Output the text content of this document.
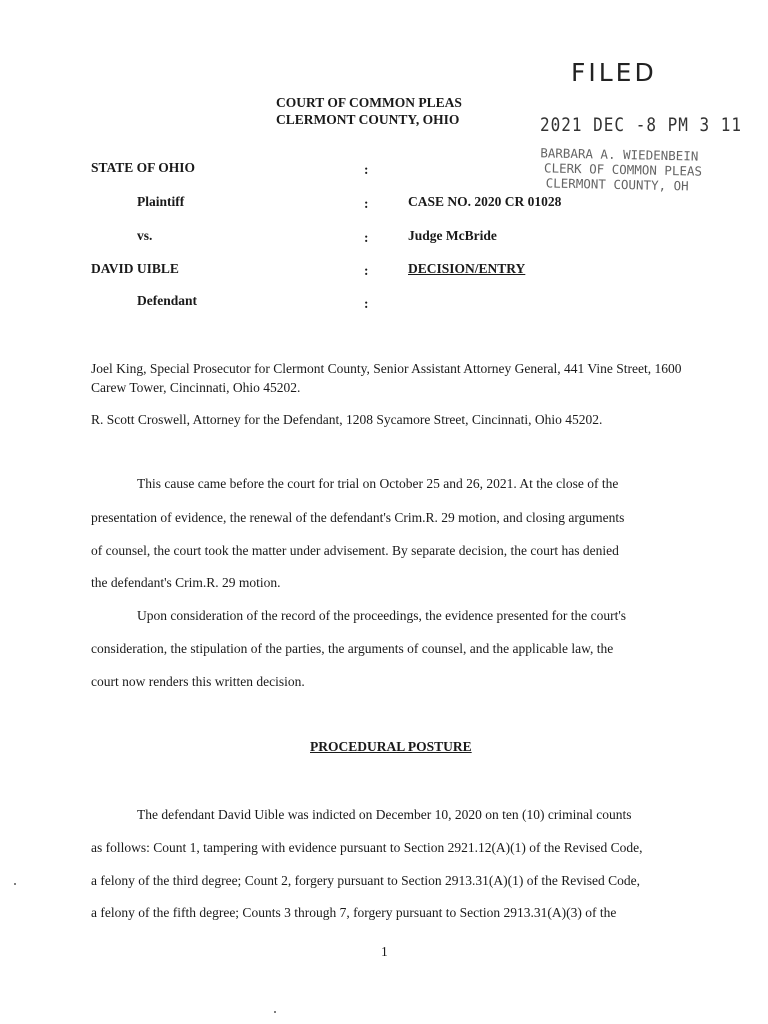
FILED
COURT OF COMMON PLEAS
CLERMONT COUNTY, OHIO	2021 DEC -8 PM 3 11
BARBARA A. WIEDENBEIN
CLERK OF COMMON PLEAS
CLERMONT COUNTY, OH
STATE OF OHIO
Plaintiff
vs.
DAVID UIBLE
Defendant
:
:
:
:
:
CASE NO. 2020 CR 01028
Judge McBride
DECISION/ENTRY
Joel King, Special Prosecutor for Clermont County, Senior Assistant Attorney General, 441 Vine Street, 1600 Carew Tower, Cincinnati, Ohio 45202.
R. Scott Croswell, Attorney for the Defendant, 1208 Sycamore Street, Cincinnati, Ohio 45202.
This cause came before the court for trial on October 25 and 26, 2021. At the close of the
presentation of evidence, the renewal of the defendant's Crim.R. 29 motion, and closing arguments
of counsel, the court took the matter under advisement. By separate decision, the court has denied
the defendant's Crim.R. 29 motion.
Upon consideration of the record of the proceedings, the evidence presented for the court's
consideration, the stipulation of the parties, the arguments of counsel, and the applicable law, the
court now renders this written decision.
PROCEDURAL POSTURE
The defendant David Uible was indicted on December 10, 2020 on ten (10) criminal counts
as follows: Count 1, tampering with evidence pursuant to Section 2921.12(A)(1) of the Revised Code,
a felony of the third degree; Count 2, forgery pursuant to Section 2913.31(A)(1) of the Revised Code,
a felony of the fifth degree; Counts 3 through 7, forgery pursuant to Section 2913.31(A)(3) of the
1
